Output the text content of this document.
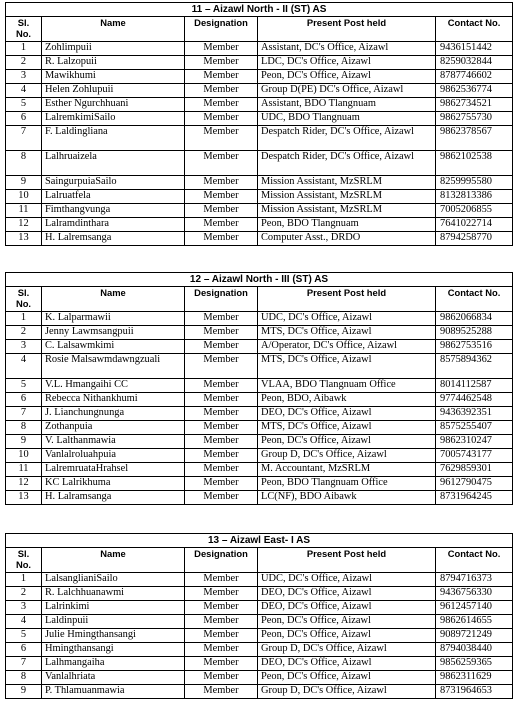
11 – Aizawl North - II (ST) AS				
Sl. No.	Name	Designation	Present Post held	Contact No.
1	Zohlimpuii	Member	Assistant, DC's Office, Aizawl	9436151442
2	R. Lalzopuii	Member	LDC, DC's Office, Aizawl	8259032844
3	Mawikhumi	Member	Peon, DC's Office, Aizawl	8787746602
4	Helen Zohlupuii	Member	Group D(PE) DC's Office, Aizawl	9862536774
5	Esther Ngurchhuani	Member	Assistant, BDO Tlangnuam	9862734521
6	LalremkimiSailo	Member	UDC, BDO Tlangnuam	9862755730
7	F. Laldingliana	Member	Despatch Rider, DC's Office, Aizawl	9862378567
8	Lalhruaizela	Member	Despatch Rider, DC's Office, Aizawl	9862102538
9	SaingurpuiaSailo	Member	Mission Assistant, MzSRLM	8259995580
10	Lalruatfela	Member	Mission Assistant, MzSRLM	8132813386
11	Fimthangvunga	Member	Mission Assistant, MzSRLM	7005206855
12	Lalramdinthara	Member	Peon, BDO Tlangnuam	7641022714
13	H. Lalremsanga	Member	Computer Asst., DRDO	8794258770
12 – Aizawl North - III (ST) AS				
Sl. No.	Name	Designation	Present Post held	Contact No.
1	K. Lalparmawii	Member	UDC, DC's Office, Aizawl	9862066834
2	Jenny Lawmsangpuii	Member	MTS, DC's Office, Aizawl	9089525288
3	C. Lalsawmkimi	Member	A/Operator, DC's Office, Aizawl	9862753516
4	Rosie Malsawmdawngzuali	Member	MTS, DC's Office, Aizawl	8575894362
5	V.L. Hmangaihi CC	Member	VLAA, BDO Tlangnuam Office	8014112587
6	Rebecca Nithankhumi	Member	Peon, BDO, Aibawk	9774462548
7	J. Lianchungnunga	Member	DEO, DC's Office, Aizawl	9436392351
8	Zothanpuia	Member	MTS, DC's Office, Aizawl	8575255407
9	V. Lalthanmawia	Member	Peon, DC's Office, Aizawl	9862310247
10	Vanlalroluahpuia	Member	Group D, DC's Office, Aizawl	7005743177
11	LalremruataHrahsel	Member	M. Accountant, MzSRLM	7629859301
12	KC Lalrikhuma	Member	Peon, BDO Tlangnuam Office	9612790475
13	H. Lalramsanga	Member	LC(NF), BDO Aibawk	8731964245
13 – Aizawl East- I AS				
Sl. No.	Name	Designation	Present Post held	Contact No.
1	LalsanglianiSailo	Member	UDC, DC's Office, Aizawl	8794716373
2	R. Lalchhuanawmi	Member	DEO, DC's Office, Aizawl	9436756330
3	Lalrinkimi	Member	DEO, DC's Office, Aizawl	9612457140
4	Laldinpuii	Member	Peon, DC's Office, Aizawl	9862614655
5	Julie Hmingthansangi	Member	Peon, DC's Office, Aizawl	9089721249
6	Hmingthansangi	Member	Group D, DC's Office, Aizawl	8794038440
7	Lalhmangaiha	Member	DEO, DC's Office, Aizawl	9856259365
8	Vanlalhriata	Member	Peon, DC's Office, Aizawl	9862311629
9	P. Thlamuanmawia	Member	Group D, DC's Office, Aizawl	8731964653
